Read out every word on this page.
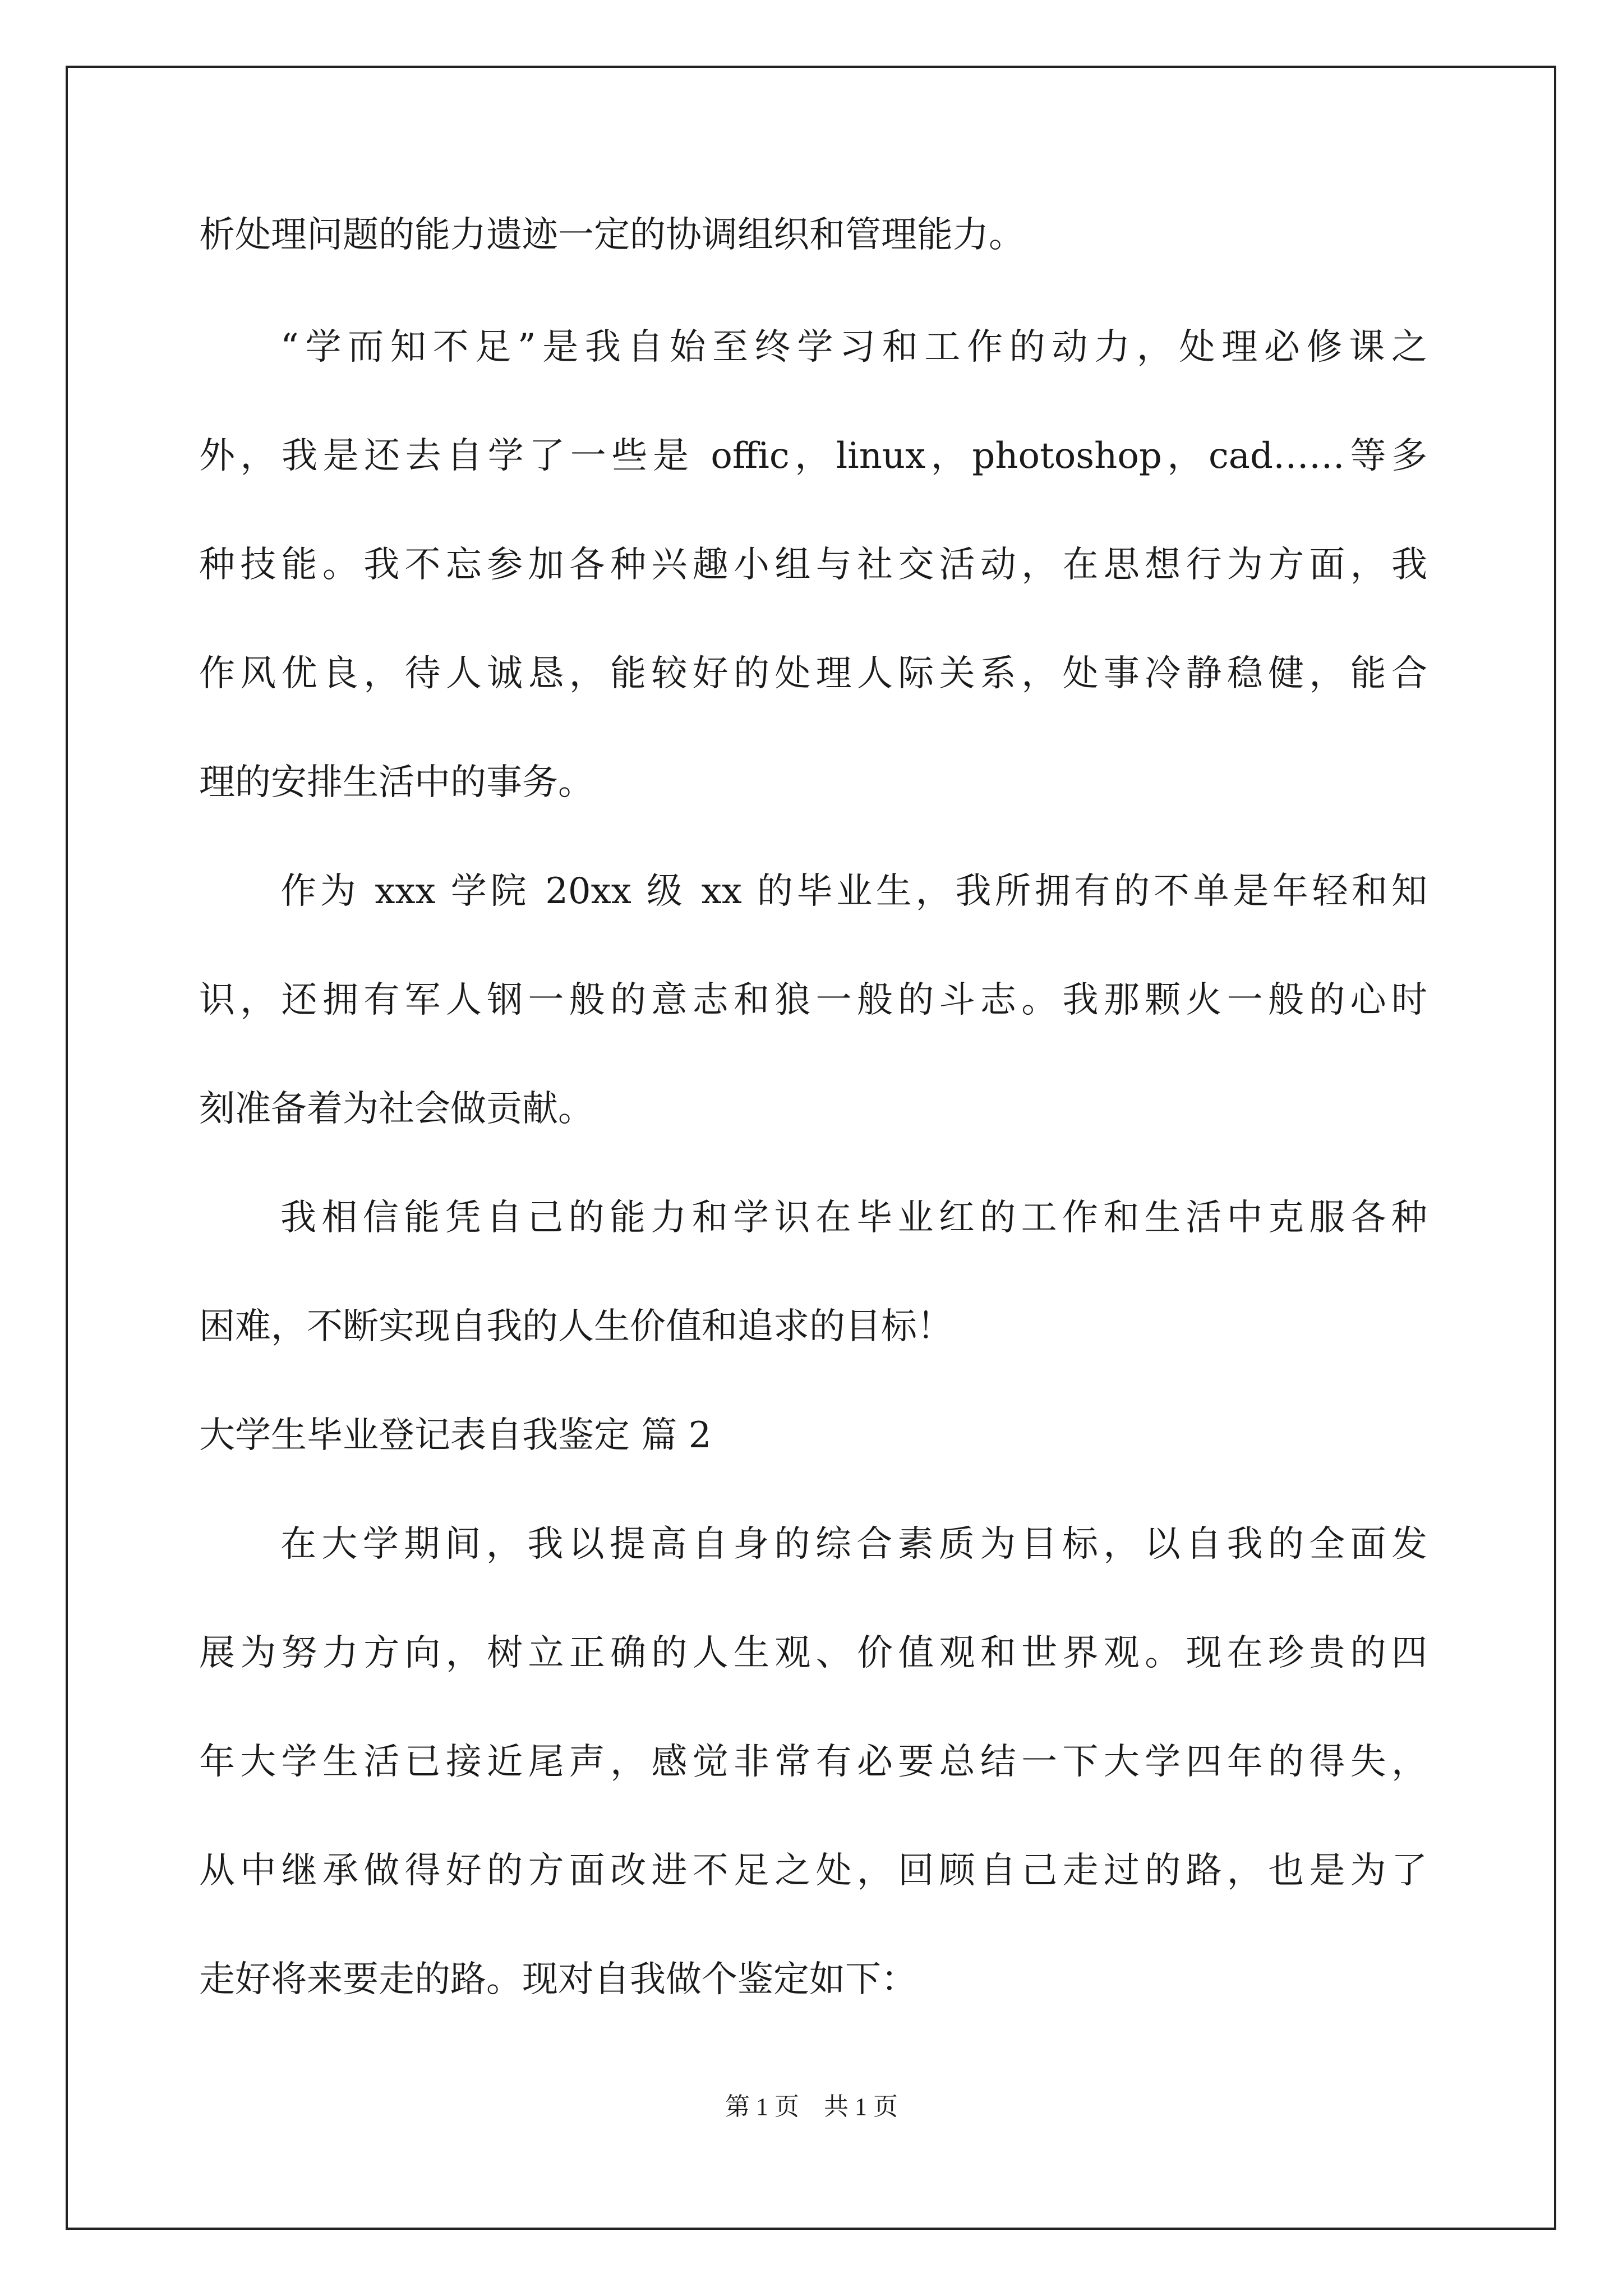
析处理问题的能力遗迹一定的协调组织和管理能力。

“学而知不足”是我自始至终学习和工作的动力，处理必修课之

外，我是还去自学了一些是 offic，linux，photoshop，cad……等多

种技能。我不忘参加各种兴趣小组与社交活动，在思想行为方面，我

作风优良，待人诚恳，能较好的处理人际关系，处事冷静稳健，能合

理的安排生活中的事务。

作为 xxx 学院 20xx 级 xx 的毕业生，我所拥有的不单是年轻和知

识，还拥有军人钢一般的意志和狼一般的斗志。我那颗火一般的心时

刻准备着为社会做贡献。

我相信能凭自己的能力和学识在毕业红的工作和生活中克服各种

困难，不断实现自我的人生价值和追求的目标！

大学生毕业登记表自我鉴定 篇 2

在大学期间，我以提高自身的综合素质为目标，以自我的全面发

展为努力方向，树立正确的人生观、价值观和世界观。现在珍贵的四

年大学生活已接近尾声，感觉非常有必要总结一下大学四年的得失，

从中继承做得好的方面改进不足之处，回顾自己走过的路，也是为了

走好将来要走的路。现对自我做个鉴定如下：

第 1 页 共 1 页
